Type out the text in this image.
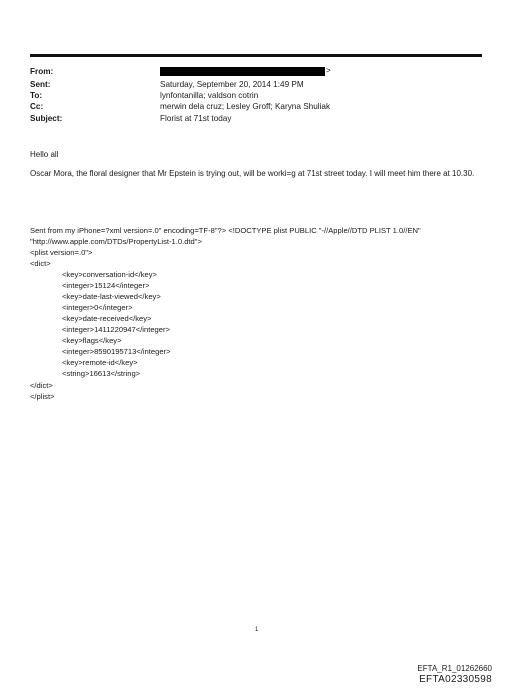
From:	>
Sent:	Saturday, September 20, 2014 1:49 PM
To:	lynfontanilla; valdson cotrin
Cc:	merwin dela cruz; Lesley Groff; Karyna Shuliak
Subject:	Florist at 71st today
Hello all
Oscar Mora, the floral designer that Mr Epstein is trying out, will be worki=g at 71st street today. I will meet him there at 10.30.
Sent from my iPhone=?xml version=.0" encoding=TF-8"?> <!DOCTYPE plist PUBLIC "-//Apple//DTD PLIST 1.0//EN"
"http://www.apple.com/DTDs/PropertyList-1.0.dtd">
<plist version=.0">
<dict>
<key>conversation-id</key>
<integer>15124</integer>
<key>date-last-viewed</key>
<integer>0</integer>
<key>date-received</key>
<integer>1411220947</integer>
<key>flags</key>
<integer>8590195713</integer>
<key>remote-id</key>
<string>16613</string>
</dict>
</plist>
1
EFTA_R1_01262660
EFTA02330598
